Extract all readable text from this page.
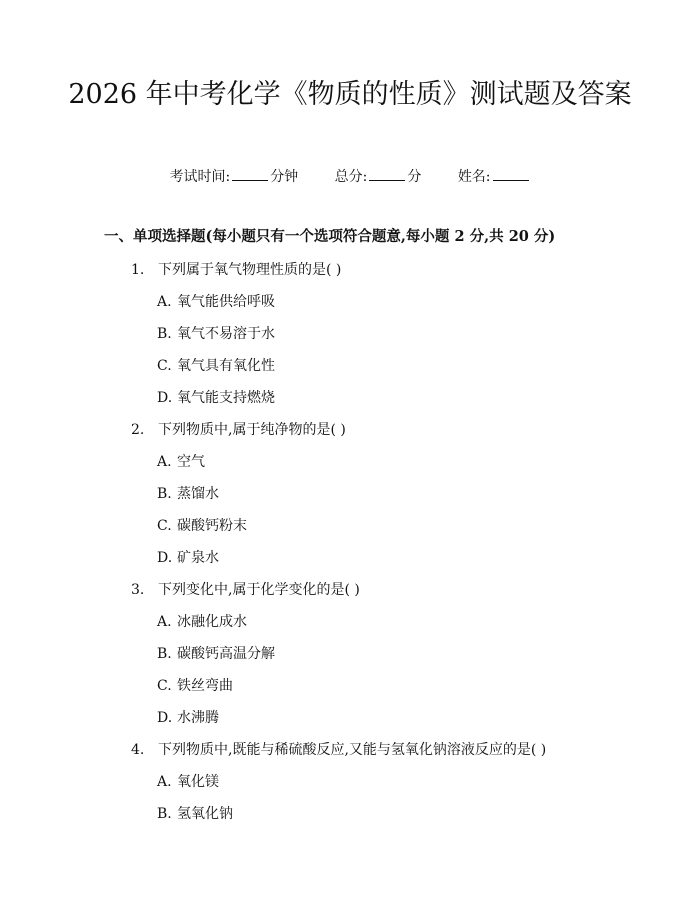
2026 年中考化学《物质的性质》测试题及答案
考试时间:	分钟	总分:	分	姓名:
一、单项选择题(每小题只有一个选项符合题意,每小题 2 分,共 20 分)
1. 下列属于氧气物理性质的是( )
A. 氧气能供给呼吸
B. 氧气不易溶于水
C. 氧气具有氧化性
D. 氧气能支持燃烧
2. 下列物质中,属于纯净物的是( )
A. 空气
B. 蒸馏水
C. 碳酸钙粉末
D. 矿泉水
3. 下列变化中,属于化学变化的是( )
A. 冰融化成水
B. 碳酸钙高温分解
C. 铁丝弯曲
D. 水沸腾
4. 下列物质中,既能与稀硫酸反应,又能与氢氧化钠溶液反应的是( )
A. 氧化镁
B. 氢氧化钠
